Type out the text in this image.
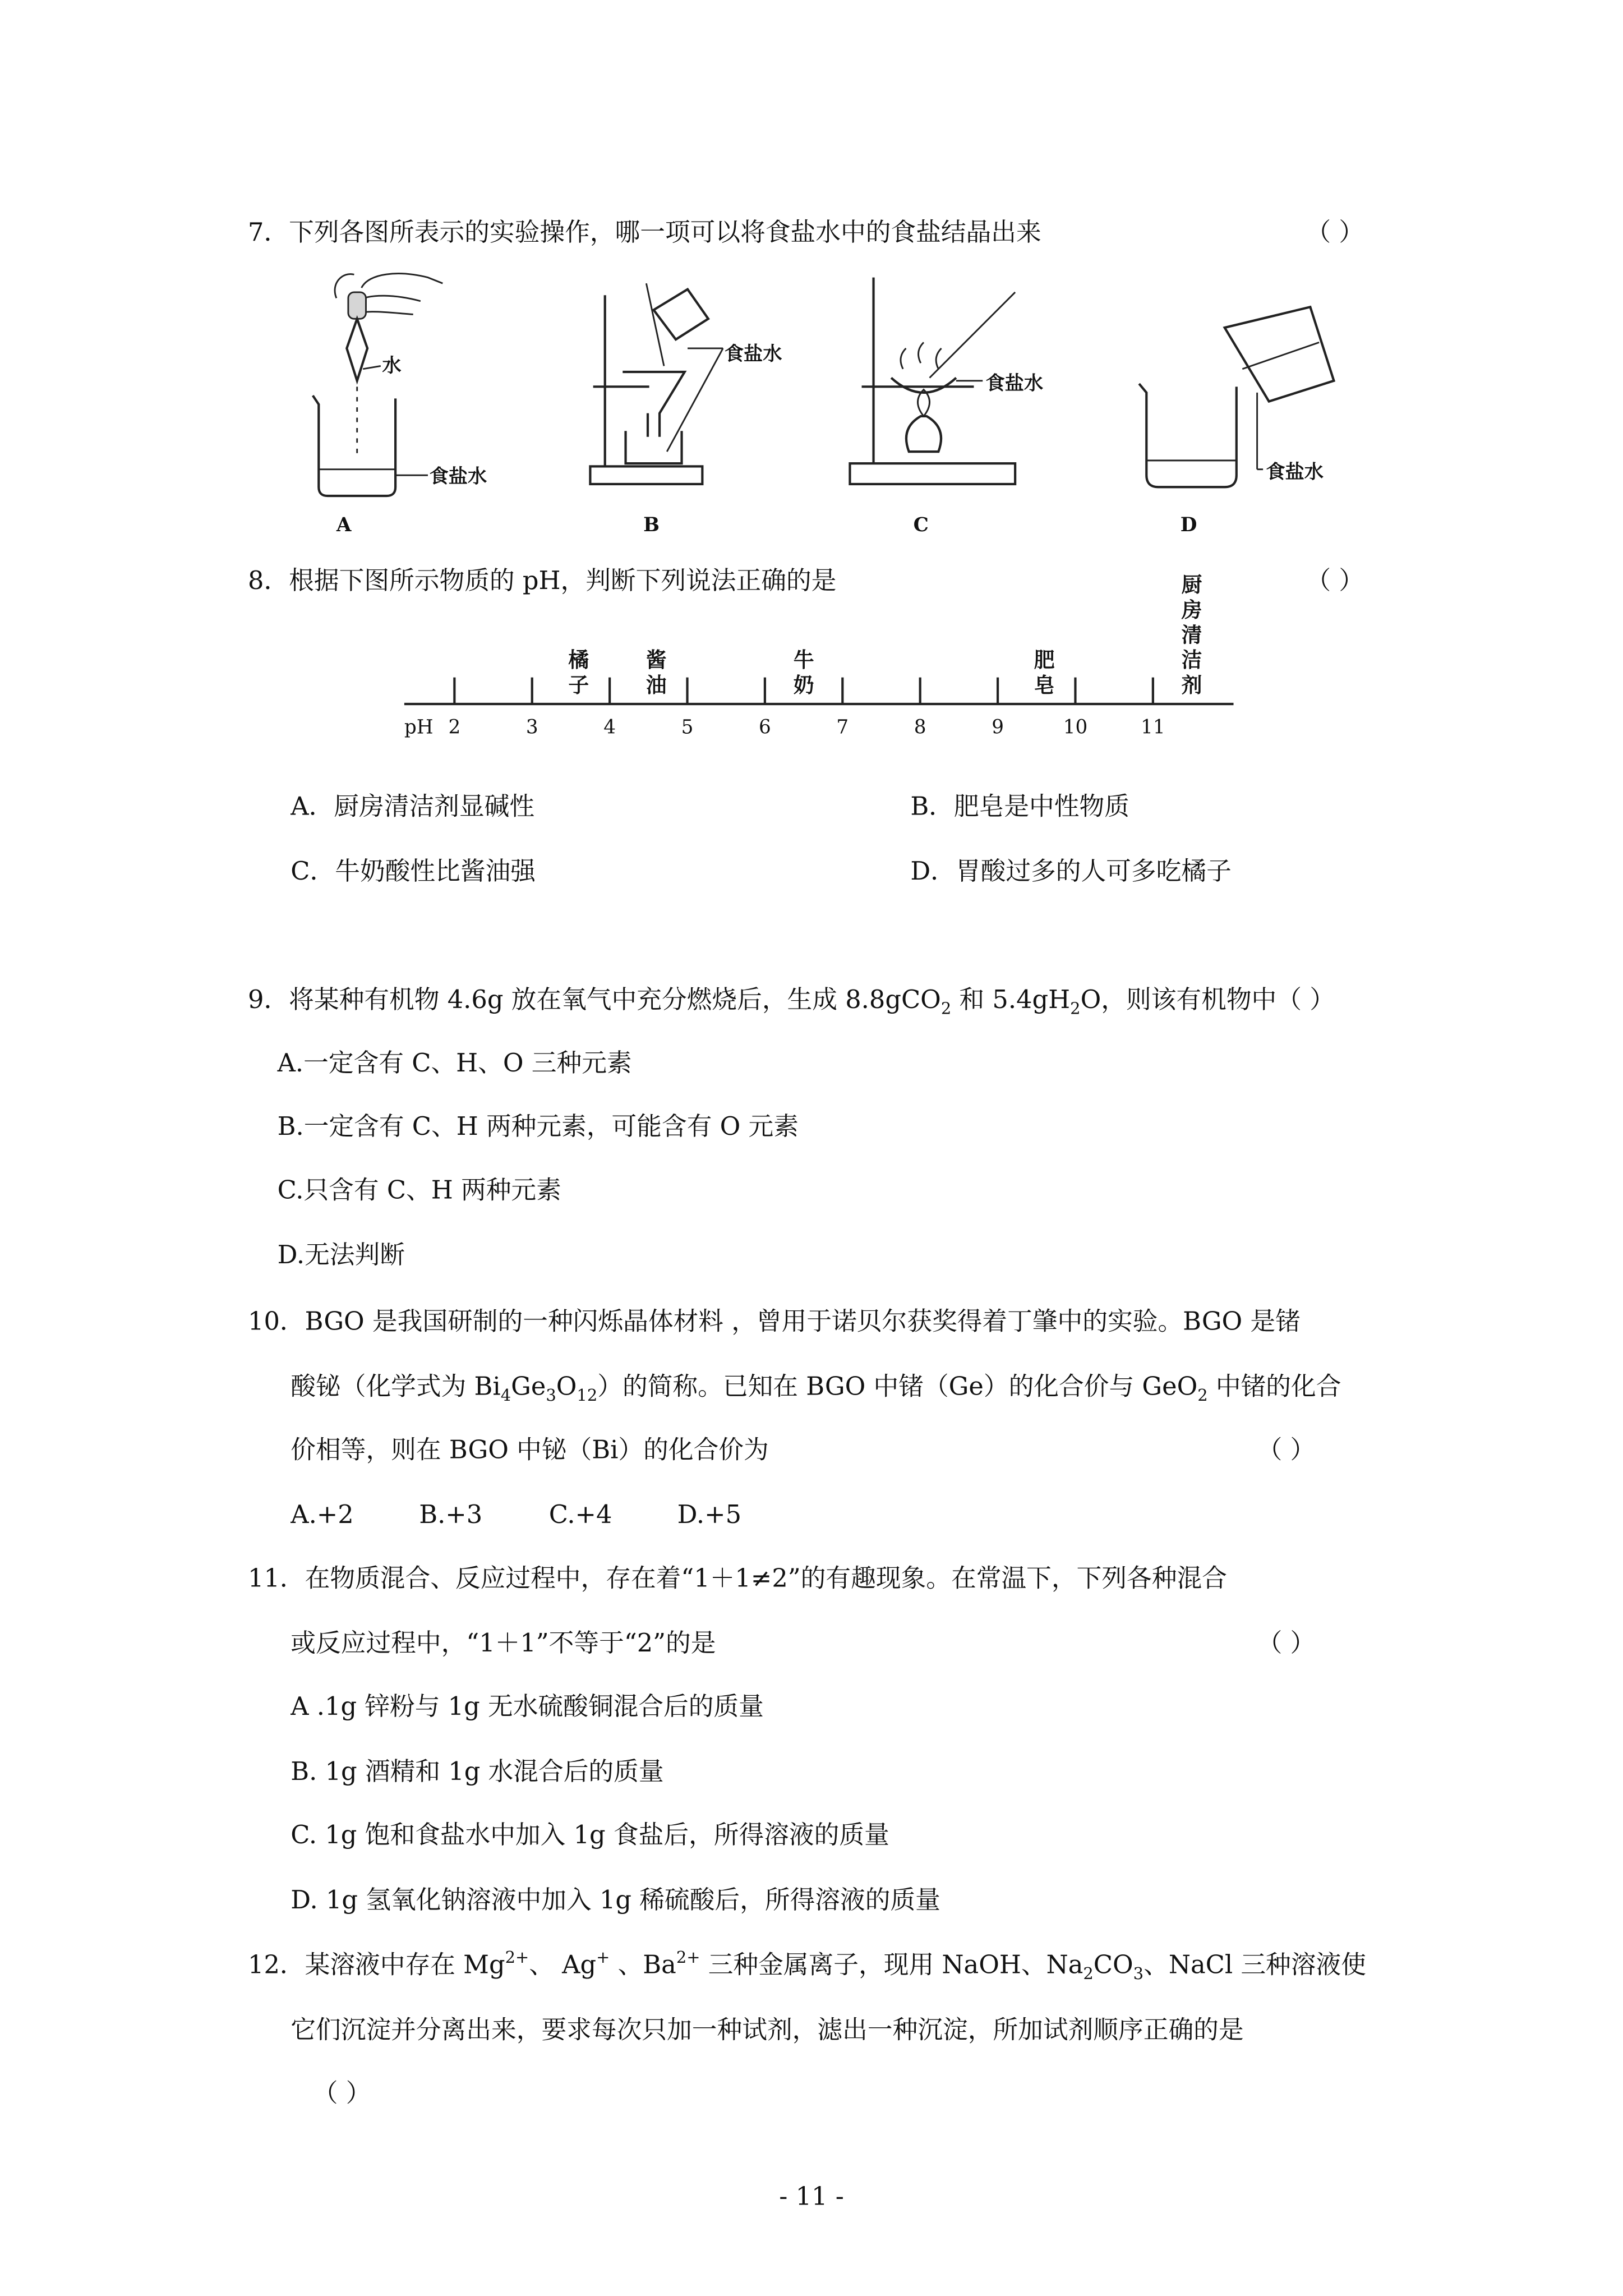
7．下列各图所表示的实验操作，哪一项可以将食盐水中的食盐结晶出来	（ ）
水
食盐水
A
食盐水
B
食盐水
C
食盐水
D
8．根据下图所示物质的 pH，判断下列说法正确的是	（ ）
pH 2	3	4	5	6	7	8	9	10	11
橘
子
酱
油
牛
奶
肥
皂
厨
房
清
洁
剂
A．厨房清洁剂显碱性	B．肥皂是中性物质
C．牛奶酸性比酱油强	D．胃酸过多的人可多吃橘子
9．将某种有机物 4.6g 放在氧气中充分燃烧后，生成 8.8gCO$_2$ 和 $5.4gH_2O$，则该有机物中（ ）
A.一定含有 C、H、O 三种元素
B.一定含有 C、H 两种元素，可能含有 O 元素
C.只含有 C、H 两种元素
D.无法判断
10．BGO 是我国研制的一种闪烁晶体材料 ，曾用于诺贝尔获奖得着丁肇中的实验。BGO 是锗
酸铋（化学式为 $Bi_4Ge_3O_{12}$）的简称。已知在 BGO 中锗（Ge）的化合价与 GeO$_2$ 中锗的化合
价相等，则在 BGO 中铋（Bi）的化合价为	（ ）
A.+2	B.+3	C.+4	D.+5
11．在物质混合、反应过程中，存在着“1＋1≠2”的有趣现象。在常温下，下列各种混合
或反应过程中，“1＋1”不等于“2”的是	（ ）
A .1g 锌粉与 1g 无水硫酸铜混合后的质量
B. 1g 酒精和 1g 水混合后的质量
C. 1g 饱和食盐水中加入 1g 食盐后，所得溶液的质量
D. 1g 氢氧化钠溶液中加入 1g 稀硫酸后，所得溶液的质量
12．某溶液中存在 $Mg^{2+}$、 Ag+ 、$Ba^{2+}$ 三种金属离子，现用 NaOH、$Na_2CO_3$、NaCl 三种溶液使
它们沉淀并分离出来，要求每次只加一种试剂，滤出一种沉淀，所加试剂顺序正确的是
（ ）
- 11 -
